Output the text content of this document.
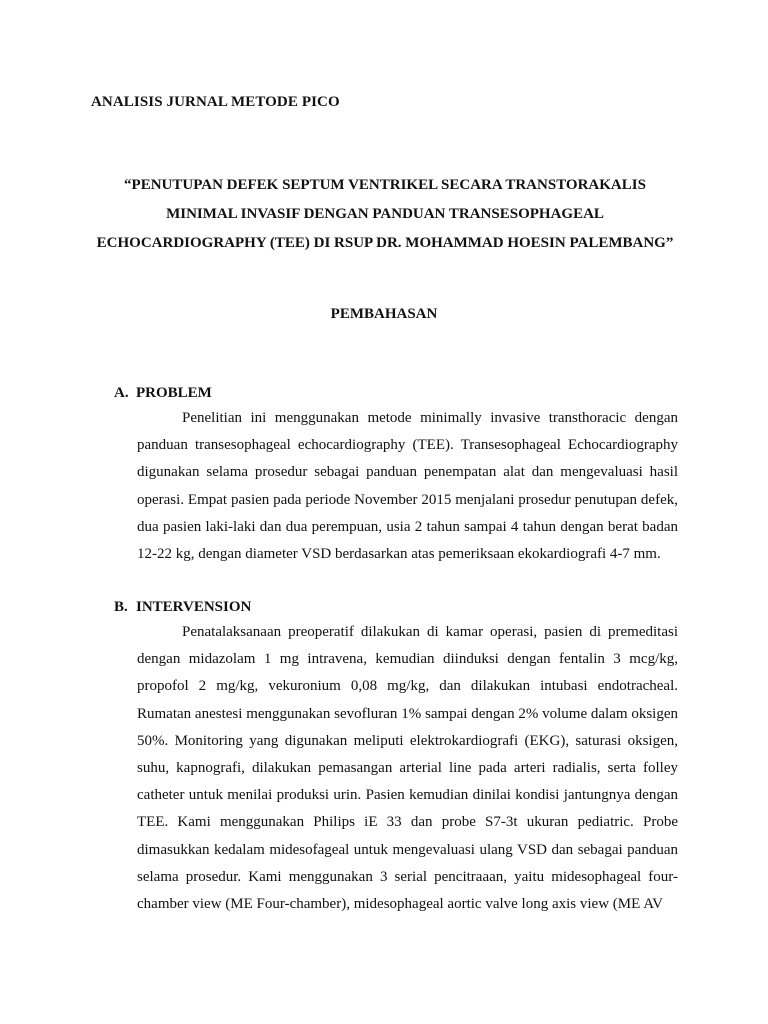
ANALISIS JURNAL METODE PICO
“PENUTUPAN DEFEK SEPTUM VENTRIKEL SECARA TRANSTORAKALIS
MINIMAL INVASIF DENGAN PANDUAN TRANSESOPHAGEAL
ECHOCARDIOGRAPHY (TEE) DI RSUP DR. MOHAMMAD HOESIN PALEMBANG”
PEMBAHASAN
A. PROBLEM

Penelitian ini menggunakan metode minimally invasive transthoracic dengan panduan transesophageal echocardiography (TEE). Transesophageal Echocardiography digunakan selama prosedur sebagai panduan penempatan alat dan mengevaluasi hasil operasi. Empat pasien pada periode November 2015 menjalani prosedur penutupan defek, dua pasien laki-laki dan dua perempuan, usia 2 tahun sampai 4 tahun dengan berat badan 12-22 kg, dengan diameter VSD berdasarkan atas pemeriksaan ekokardiografi 4-7 mm.

B. INTERVENSION

Penatalaksanaan preoperatif dilakukan di kamar operasi, pasien di premeditasi dengan midazolam 1 mg intravena, kemudian diinduksi dengan fentalin 3 mcg/kg, propofol 2 mg/kg, vekuronium 0,08 mg/kg, dan dilakukan intubasi endotracheal. Rumatan anestesi menggunakan sevofluran 1% sampai dengan 2% volume dalam oksigen 50%. Monitoring yang digunakan meliputi elektrokardiografi (EKG), saturasi oksigen, suhu, kapnografi, dilakukan pemasangan arterial line pada arteri radialis, serta folley catheter untuk menilai produksi urin. Pasien kemudian dinilai kondisi jantungnya dengan TEE. Kami menggunakan Philips iE 33 dan probe S7-3t ukuran pediatric. Probe dimasukkan kedalam midesofageal untuk mengevaluasi ulang VSD dan sebagai panduan selama prosedur. Kami menggunakan 3 serial pencitraaan, yaitu midesophageal four-chamber view (ME Four-chamber), midesophageal aortic valve long axis view (ME AV
